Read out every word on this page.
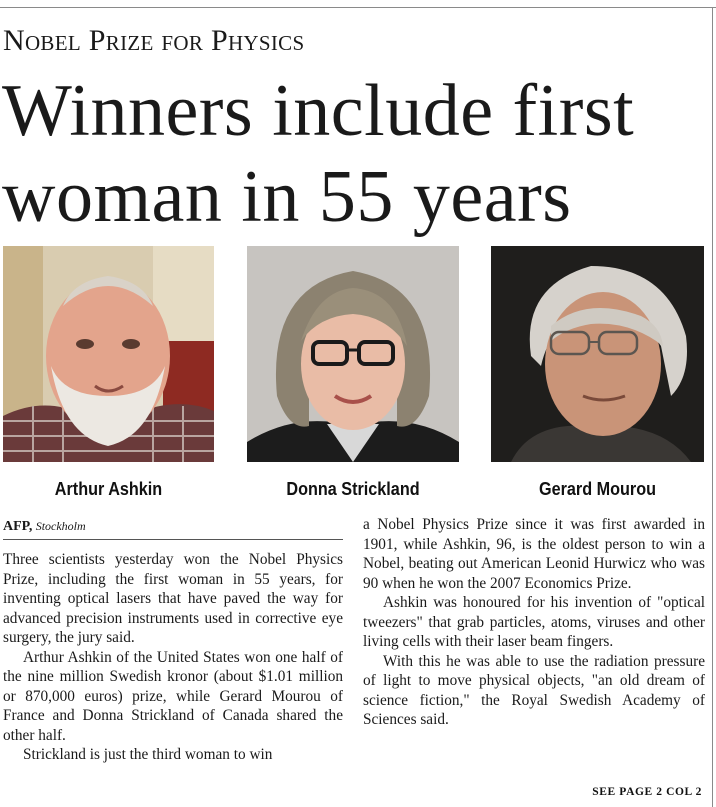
Nobel Prize for Physics
Winners include first woman in 55 years
Arthur Ashkin	Donna Strickland	Gerard Mourou
AFP, Stockholm

Three scientists yesterday won the Nobel Physics Prize, including the first woman in 55 years, for inventing optical lasers that have paved the way for advanced precision instruments used in corrective eye surgery, the jury said.

Arthur Ashkin of the United States won one half of the nine million Swedish kronor (about $1.01 million or 870,000 euros) prize, while Gerard Mourou of France and Donna Strickland of Canada shared the other half.

Strickland is just the third woman to win

a Nobel Physics Prize since it was first awarded in 1901, while Ashkin, 96, is the oldest person to win a Nobel, beating out American Leonid Hurwicz who was 90 when he won the 2007 Economics Prize.

Ashkin was honoured for his invention of "optical tweezers" that grab particles, atoms, viruses and other living cells with their laser beam fingers.

With this he was able to use the radiation pressure of light to move physical objects, "an old dream of science fiction," the Royal Swedish Academy of Sciences said.

SEE PAGE 2 COL 2
